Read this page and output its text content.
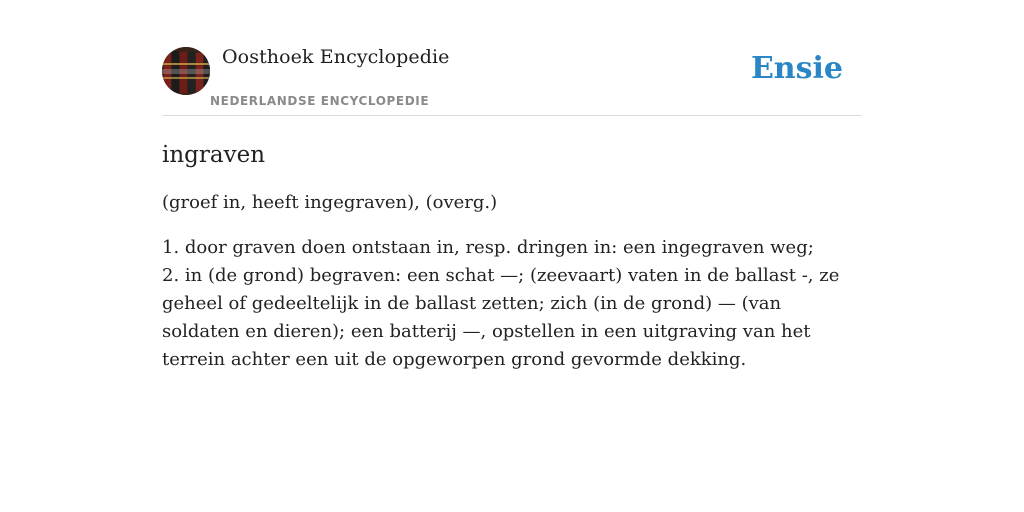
Oosthoek Encyclopedie
NEDERLANDSE ENCYCLOPEDIE
Ensie
ingraven

(groef in, heeft ingegraven), (overg.)

1. door graven doen ontstaan in, resp. dringen in: een ingegraven weg;
2. in (de grond) begraven: een schat —; (zeevaart) vaten in de ballast -, ze geheel of gedeeltelijk in de ballast zetten; zich (in de grond) — (van soldaten en dieren); een batterij —, opstellen in een uitgraving van het terrein achter een uit de opgeworpen grond gevormde dekking.
